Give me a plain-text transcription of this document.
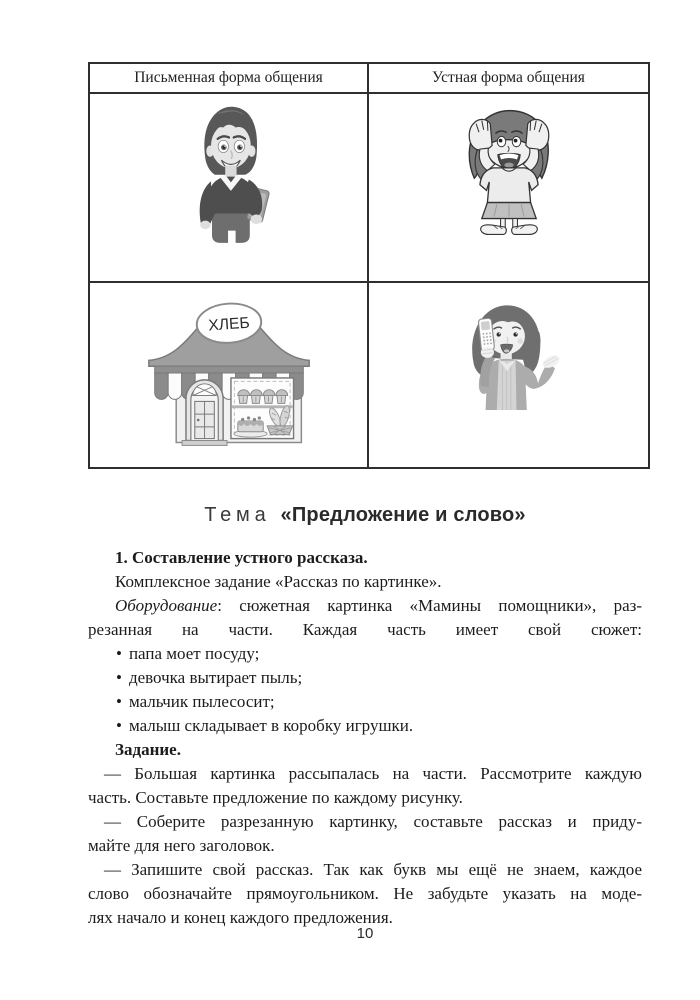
Письменная форма общения	Устная форма общения
ХЛЕБ
Тема «Предложение и слово»
1. Составление устного рассказа.
Комплексное задание «Рассказ по картинке».
Оборудование: сюжетная картинка «Мамины помощники», раз-
резанная на части. Каждая часть имеет свой сюжет:
• папа моет посуду;
• девочка вытирает пыль;
• мальчик пылесосит;
• малыш складывает в коробку игрушки.
Задание.
— Большая картинка рассыпалась на части. Рассмотрите каждую
часть. Составьте предложение по каждому рисунку.
— Соберите разрезанную картинку, составьте рассказ и приду-
майте для него заголовок.
— Запишите свой рассказ. Так как букв мы ещё не знаем, каждое
слово обозначайте прямоугольником. Не забудьте указать на моде-
лях начало и конец каждого предложения.
10
